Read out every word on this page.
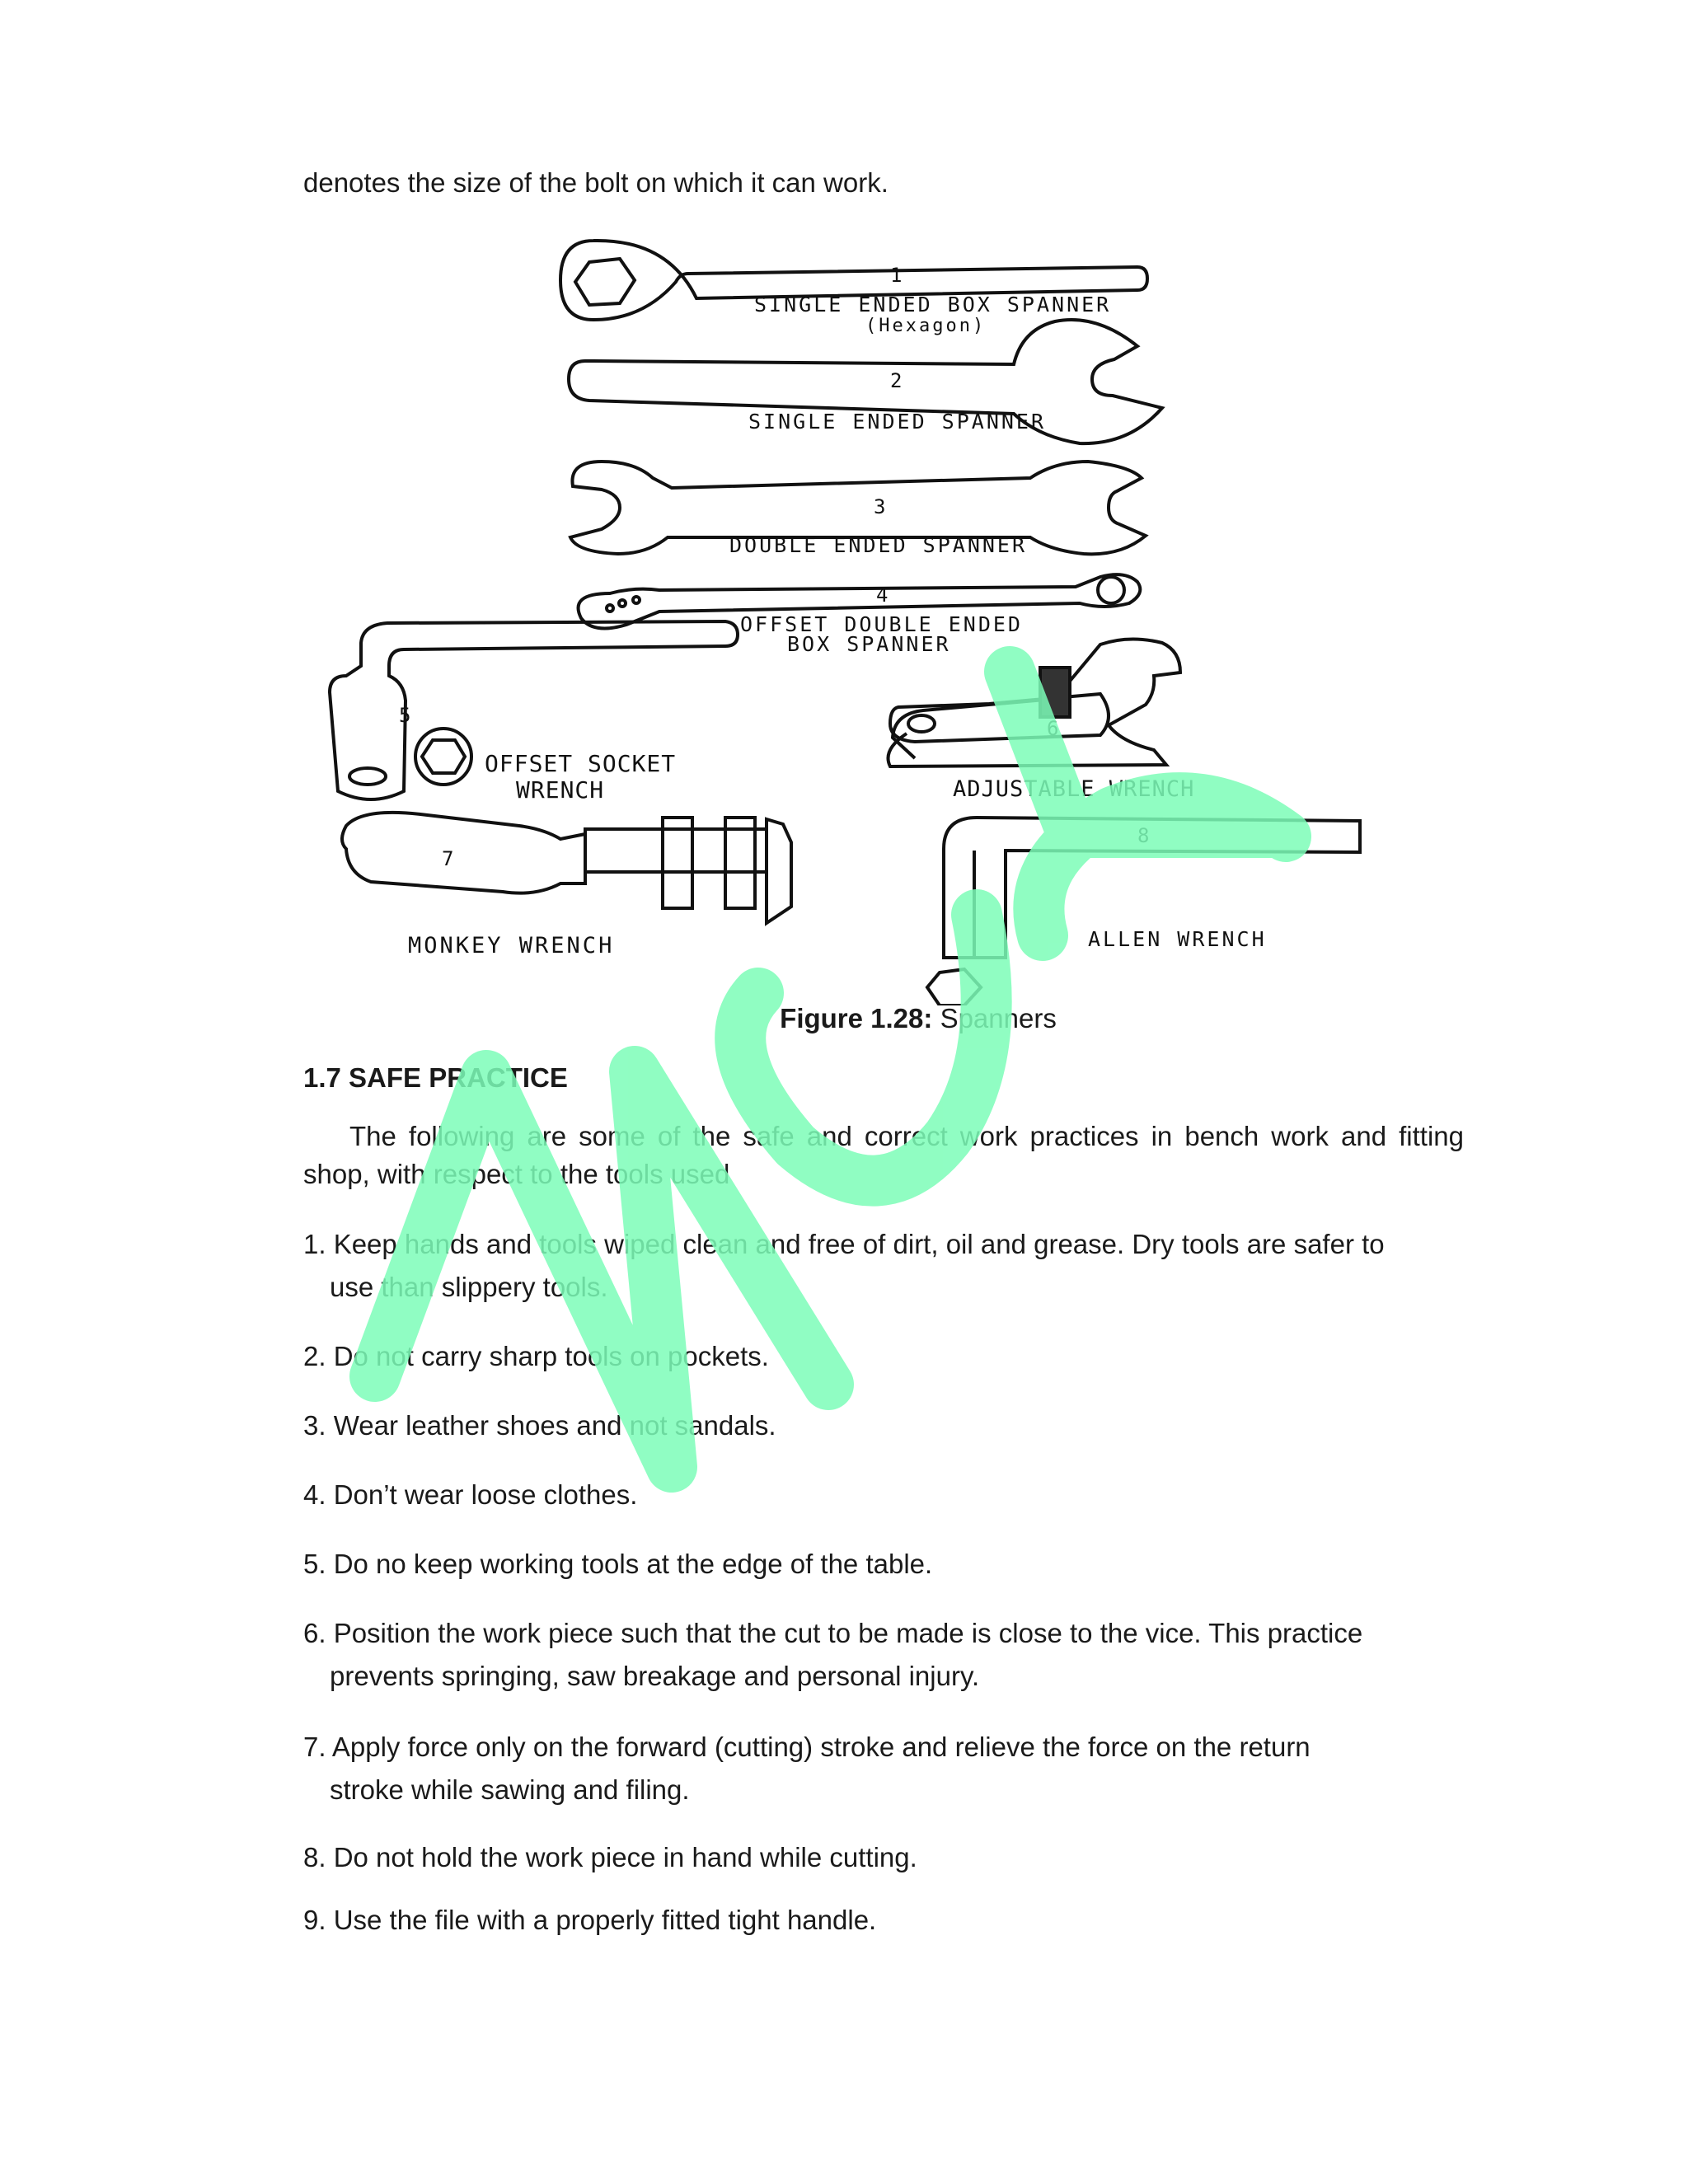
denotes the size of the bolt on which it can work.
1
SINGLE ENDED BOX SPANNER
(Hexagon)
2
SINGLE ENDED SPANNER
3
DOUBLE ENDED SPANNER
4
OFFSET DOUBLE ENDED
BOX SPANNER
5
OFFSET SOCKET
WRENCH
6
ADJUSTABLE WRENCH
7
MONKEY WRENCH
8
ALLEN WRENCH
Figure 1.28: Spanners
1.7 SAFE PRACTICE
The following are some of the safe and correct work practices in bench work and fitting shop, with respect to the tools used
1. Keep hands and tools wiped clean and free of dirt, oil and grease. Dry tools are safer to
use than slippery tools.
2. Do not carry sharp tools on pockets.
3. Wear leather shoes and not sandals.
4. Don’t wear loose clothes.
5. Do no keep working tools at the edge of the table.
6. Position the work piece such that the cut to be made is close to the vice. This practice
prevents springing, saw breakage and personal injury.
7. Apply force only on the forward (cutting) stroke and relieve the force on the return
stroke while sawing and filing.
8. Do not hold the work piece in hand while cutting.
9. Use the file with a properly fitted tight handle.
